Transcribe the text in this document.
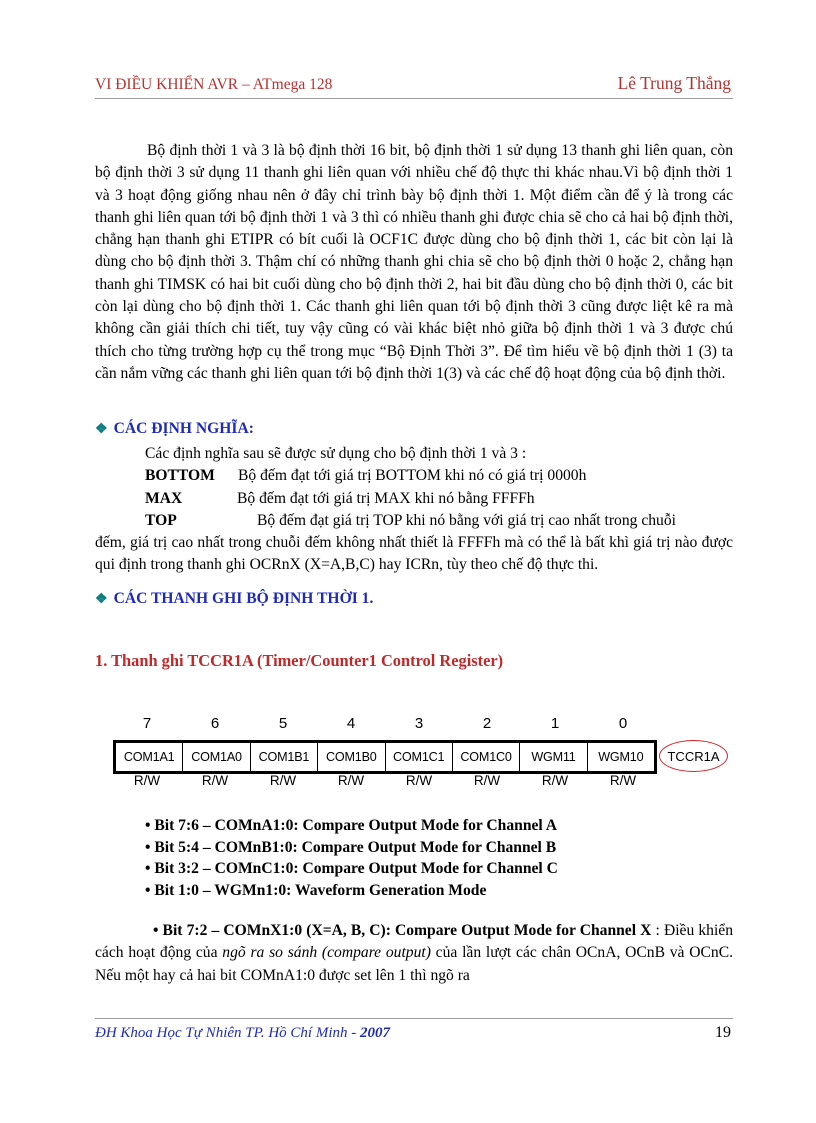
VI ĐIỀU KHIỂN AVR – ATmega 128	Lê Trung Thắng

Bộ định thời 1 và 3 là bộ định thời 16 bit, bộ định thời 1 sử dụng 13 thanh ghi liên quan, còn bộ định thời 3 sử dụng 11 thanh ghi liên quan với nhiều chế độ thực thi khác nhau.Vì bộ định thời 1 và 3 hoạt động giống nhau nên ở đây chỉ trình bày bộ định thời 1. Một điểm cần để ý là trong các thanh ghi liên quan tới bộ định thời 1 và 3 thì có nhiều thanh ghi được chia sẽ cho cả hai bộ định thời, chẳng hạn thanh ghi ETIPR có bít cuối là OCF1C được dùng cho bộ định thời 1, các bit còn lại là dùng cho bộ định thời 3. Thậm chí có những thanh ghi chia sẽ cho bộ định thời 0 hoặc 2, chẳng hạn thanh ghi TIMSK có hai bit cuối dùng cho bộ định thời 2, hai bit đầu dùng cho bộ định thời 0, các bit còn lại dùng cho bộ định thời 1. Các thanh ghi liên quan tới bộ định thời 3 cũng được liệt kê ra mà không cần giải thích chi tiết, tuy vậy cũng có vài khác biệt nhỏ giữa bộ định thời 1 và 3 được chú thích cho từng trường hợp cụ thể trong mục “Bộ Định Thời 3”. Để tìm hiểu về bộ định thời 1 (3) ta cần nắm vững các thanh ghi liên quan tới bộ định thời 1(3) và các chế độ hoạt động của bộ định thời.

❖ CÁC ĐỊNH NGHĨA:
Các định nghĩa sau sẽ được sử dụng cho bộ định thời 1 và 3 :
BOTTOM Bộ đếm đạt tới giá trị BOTTOM khi nó có giá trị 0000h
MAX	Bộ đếm đạt tới giá trị MAX khi nó bằng FFFFh
TOP	Bộ đếm đạt giá trị TOP khi nó bằng với giá trị cao nhất trong chuỗi

đếm, giá trị cao nhất trong chuỗi đếm không nhất thiết là FFFFh mà có thể là bất khì giá trị nào được qui định trong thanh ghi OCRnX (X=A,B,C) hay ICRn, tùy theo chế độ thực thi.

❖ CÁC THANH GHI BỘ ĐỊNH THỜI 1.
1. Thanh ghi TCCR1A (Timer/Counter1 Control Register)
7	6	5	4	3	2	1	0
COM1A1	COM1A0	COM1B1	COM1B0	COM1C1	COM1C0	WGM11	WGM10	TCCR1A
R/W	R/W	R/W	R/W	R/W	R/W	R/W	R/W
• Bit 7:6 – COMnA1:0: Compare Output Mode for Channel A
• Bit 5:4 – COMnB1:0: Compare Output Mode for Channel B
• Bit 3:2 – COMnC1:0: Compare Output Mode for Channel C
• Bit 1:0 – WGMn1:0: Waveform Generation Mode
• Bit 7:2 – COMnX1:0 (X=A, B, C): Compare Output Mode for Channel X : Điều khiển cách hoạt động của ngõ ra so sánh (compare output) của lần lượt các chân OCnA, OCnB và OCnC. Nếu một hay cả hai bit COMnA1:0 được set lên 1 thì ngõ ra
ĐH Khoa Học Tự Nhiên TP. Hồ Chí Minh - 2007	19
